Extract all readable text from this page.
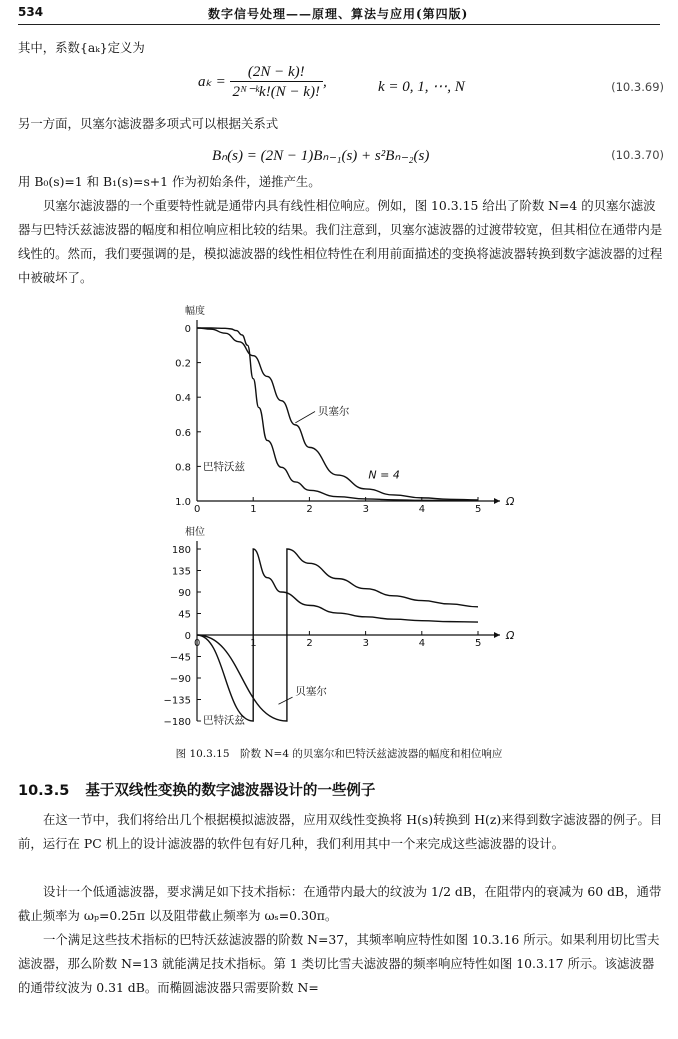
534	数字信号处理——原理、算法与应用(第四版)

其中，系数{aₖ}定义为

$a_k = \frac{(2N - k)!}{\text{2ᴺ⁻ᵏk!(N − k)!}}$ ,	k = 0, 1, ⋯, N	(10.3.69)

另一方面，贝塞尔滤波器多项式可以根据关系式

Bₙ(s) = (2N − 1)Bₙ₋₁(s) + s²Bₙ₋₂(s)	(10.3.70)

用 B₀(s)=1 和 B₁(s)=s+1 作为初始条件，递推产生。

贝塞尔滤波器的一个重要特性就是通带内具有线性相位响应。例如，图 10.3.15 给出了阶数 N=4 的贝塞尔滤波器与巴特沃兹滤波器的幅度和相位响应相比较的结果。我们注意到，贝塞尔滤波器的过渡带较宽，但其相位在通带内是线性的。然而，我们要强调的是，模拟滤波器的线性相位特性在利用前面描述的变换将滤波器转换到数字滤波器的过程中被破坏了。

Ω
幅度
0	1	2	3	4	5
0
0.2
0.4
0.6
0.8
1.0
贝塞尔
巴特沃兹
N = 4
Ω
相位
0	1	2	3	4	5
180
135
90
45
0
−45
−90
−135
−180
贝塞尔
巴特沃兹
图 10.3.15　阶数 N=4 的贝塞尔和巴特沃兹滤波器的幅度和相位响应
10.3.5 基于双线性变换的数字滤波器设计的一些例子

在这一节中，我们将给出几个根据模拟滤波器，应用双线性变换将 H(s)转换到 H(z)来得到数字滤波器的例子。目前，运行在 PC 机上的设计滤波器的软件包有好几种，我们利用其中一个来完成这些滤波器的设计。

设计一个低通滤波器，要求满足如下技术指标：在通带内最大的纹波为 1/2 dB，在阻带内的衰减为 60 dB，通带截止频率为 ωₚ=0.25π 以及阻带截止频率为 ωₛ=0.30π。

一个满足这些技术指标的巴特沃兹滤波器的阶数 N=37，其频率响应特性如图 10.3.16 所示。如果利用切比雪夫滤波器，那么阶数 N=13 就能满足技术指标。第 1 类切比雪夫滤波器的频率响应特性如图 10.3.17 所示。该滤波器的通带纹波为 0.31 dB。而椭圆滤波器只需要阶数 N=
